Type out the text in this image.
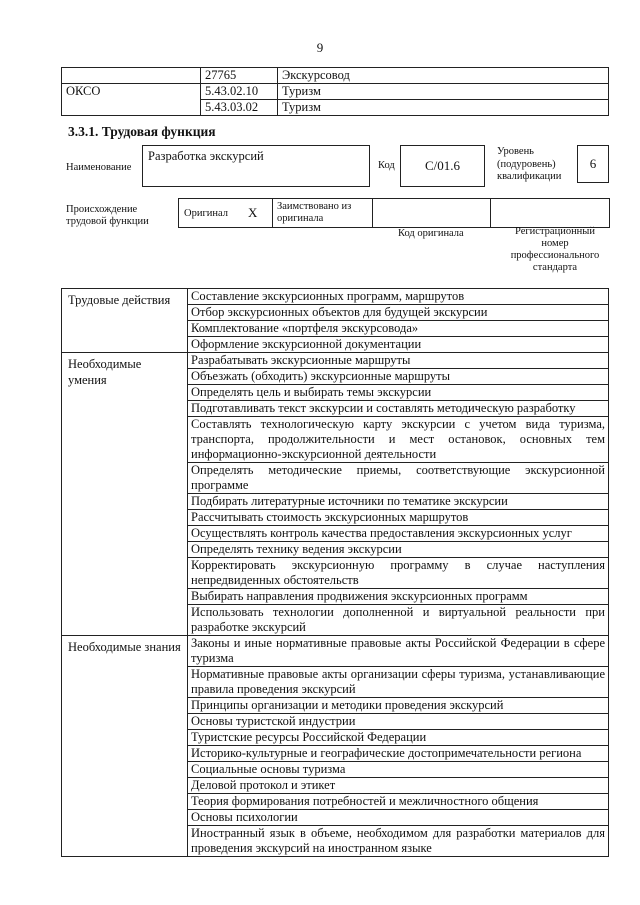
9
	27765	Экскурсовод
ОКСО	5.43.02.10	Туризм
	5.43.03.02	Туризм
3.3.1. Трудовая функция
Наименование
Разработка экскурсий
Код	C/01.6
Уровень (подуровень) квалификации
6
Происхождение трудовой функции
Оригинал X Заимствовано из оригинала
Код оригинала	Регистрационный номер профессионального стандарта
Трудовые действия	Составление экскурсионных программ, маршрутов
	Отбор экскурсионных объектов для будущей экскурсии
	Комплектование «портфеля экскурсовода»
	Оформление экскурсионной документации
Необходимые умения	Разрабатывать экскурсионные маршруты
	Объезжать (обходить) экскурсионные маршруты
	Определять цель и выбирать темы экскурсии
	Подготавливать текст экскурсии и составлять методическую разработку
	Составлять технологическую карту экскурсии с учетом вида туризма, транспорта, продолжительности и мест остановок, основных тем информационно-экскурсионной деятельности
	Определять методические приемы, соответствующие экскурсионной программе
	Подбирать литературные источники по тематике экскурсии
	Рассчитывать стоимость экскурсионных маршрутов
	Осуществлять контроль качества предоставления экскурсионных услуг
	Определять технику ведения экскурсии
	Корректировать экскурсионную программу в случае наступления непредвиденных обстоятельств
	Выбирать направления продвижения экскурсионных программ
	Использовать технологии дополненной и виртуальной реальности при разработке экскурсий
Необходимые знания	Законы и иные нормативные правовые акты Российской Федерации в сфере туризма
	Нормативные правовые акты организации сферы туризма, устанавливающие правила проведения экскурсий
	Принципы организации и методики проведения экскурсий
	Основы туристской индустрии
	Туристские ресурсы Российской Федерации
	Историко-культурные и географические достопримечательности региона
	Социальные основы туризма
	Деловой протокол и этикет
	Теория формирования потребностей и межличностного общения
	Основы психологии
	Иностранный язык в объеме, необходимом для разработки материалов для проведения экскурсий на иностранном языке
